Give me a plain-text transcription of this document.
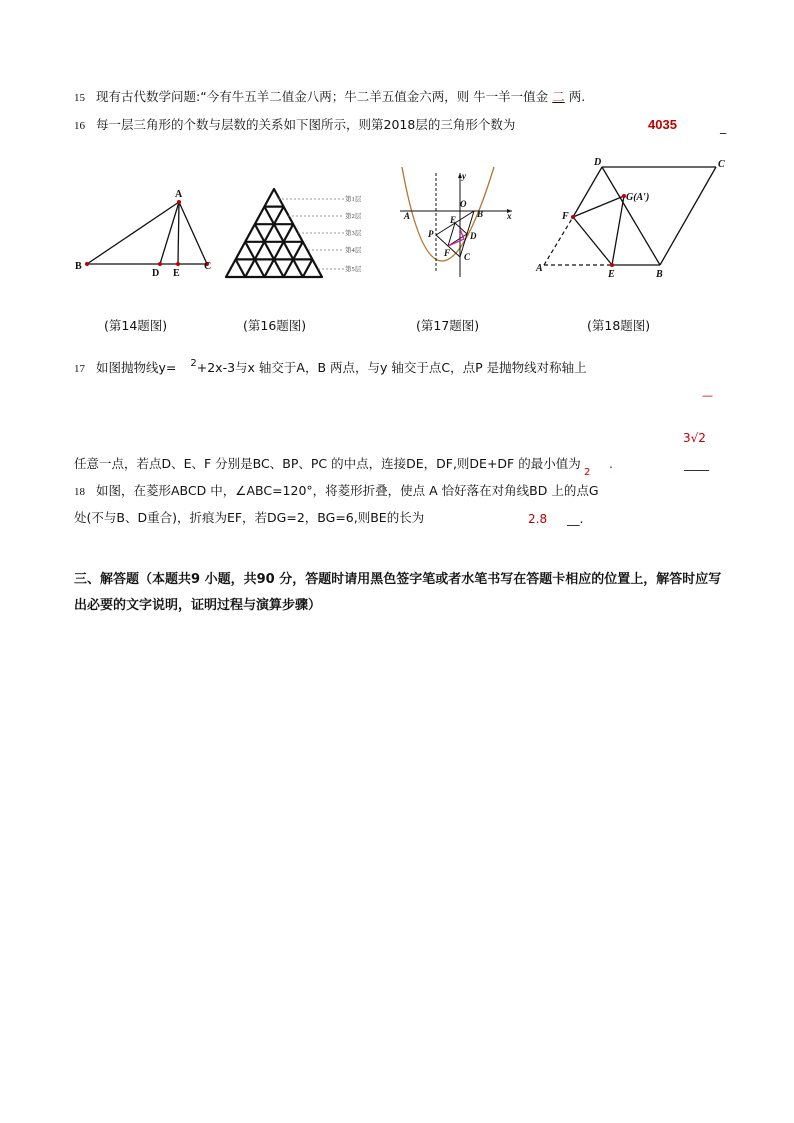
15 现有古代数学问题:“今有牛五羊二值金八两；牛二羊五值金六两，则 牛一羊一值金 二 两.
16 每一层三角形的个数与层数的关系如下图所示，则第2018层的三角形个数为	4035	_
A
B
D E
C
(第14题图)
第1层
第2层
第3层
第4层
第5层
(第16题图)
y
O
A	B	x
E
P	D
F C
(第17题图)
D	C
G(A′)
F
A
E	B
(第18题图)
17 如图抛物线y= $^2$+2x-3与x 轴交于A，B 两点，与y 轴交于点C，点P 是抛物线对称轴上
—
3√2
任意一点，若点D、E、F 分别是BC、BP、PC 的中点，连接DE，DF,则DE+DF 的最小值为
2
.	____
18 如图，在菱形ABCD 中，∠ABC=120°，将菱形折叠，使点 A 恰好落在对角线BD 上的点G
处(不与B、D重合)，折痕为EF，若DG=2，BG=6,则BE的长为	2.8 __.
三、解答题（本题共9 小题，共90 分，答题时请用黑色签字笔或者水笔书写在答题卡相应的位置上，解答时应写
出必要的文字说明，证明过程与演算步骤）
